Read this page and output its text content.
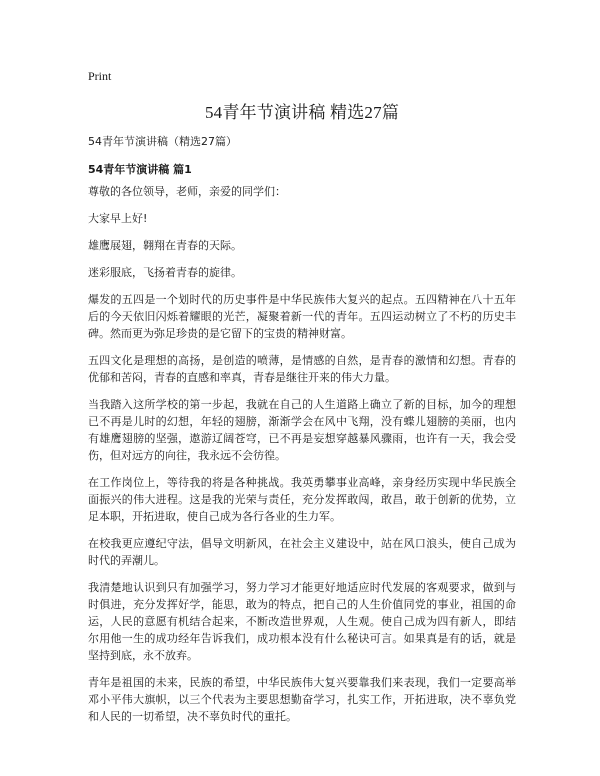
Print
54青年节演讲稿 精选27篇

54青年节演讲稿（精选27篇）

54青年节演讲稿 篇1

尊敬的各位领导，老师，亲爱的同学们：

大家早上好!

雄鹰展翅，翱翔在青春的天际。

迷彩服底，飞扬着青春的旋律。

爆发的五四是一个划时代的历史事件是中华民族伟大复兴的起点。五四精神在八十五年后的今天依旧闪烁着耀眼的光芒，凝聚着新一代的青年。五四运动树立了不朽的历史丰碑。然而更为弥足珍贵的是它留下的宝贵的精神财富。

五四文化是理想的高扬，是创造的喷薄，是情感的自然，是青春的激情和幻想。青春的优郁和苦闷，青春的直感和率真，青春是继往开来的伟大力量。

当我踏入这所学校的第一步起，我就在自己的人生道路上确立了新的目标，加今的理想已不再是儿时的幻想，年轻的翅膀，渐渐学会在风中飞翔，没有蝶儿翅膀的美丽，也内有雄鹰翅膀的坚强，遨游辽阔苍穹，已不再是妄想穿越暴风骤雨，也许有一天，我会受伤，但对远方的向往，我永远不会彷徨。

在工作岗位上，等待我的将是各种挑战。我英勇攀事业高峰，亲身经历实现中华民族全面振兴的伟大进程。这是我的光荣与责任，充分发挥敢闯，敢昌，敢于创新的优势，立足本职，开拓进取，使自己成为各行各业的生力军。

在校我更应遵纪守法，倡导文明新风，在社会主义建设中，站在风口浪头，使自己成为时代的弄潮儿。

我清楚地认识到只有加强学习，努力学习才能更好地适应时代发展的客观要求，做到与时俱进，充分发挥好学，能思，敢为的特点，把自己的人生价值同党的事业，祖国的命运，人民的意愿有机结合起来，不断改造世界观，人生观。使自己成为四有新人，即结尔用他一生的成功经年告诉我们，成功根本没有什么秘诀可言。如果真是有的话，就是坚持到底，永不放弃。

青年是祖国的未来，民族的希望，中华民族伟大复兴要靠我们来表现，我们一定要高举邓小平伟大旗帜，以三个代表为主要思想勤奋学习，扎实工作，开拓进取，决不辜负党和人民的一切希望，决不辜负时代的重托。
